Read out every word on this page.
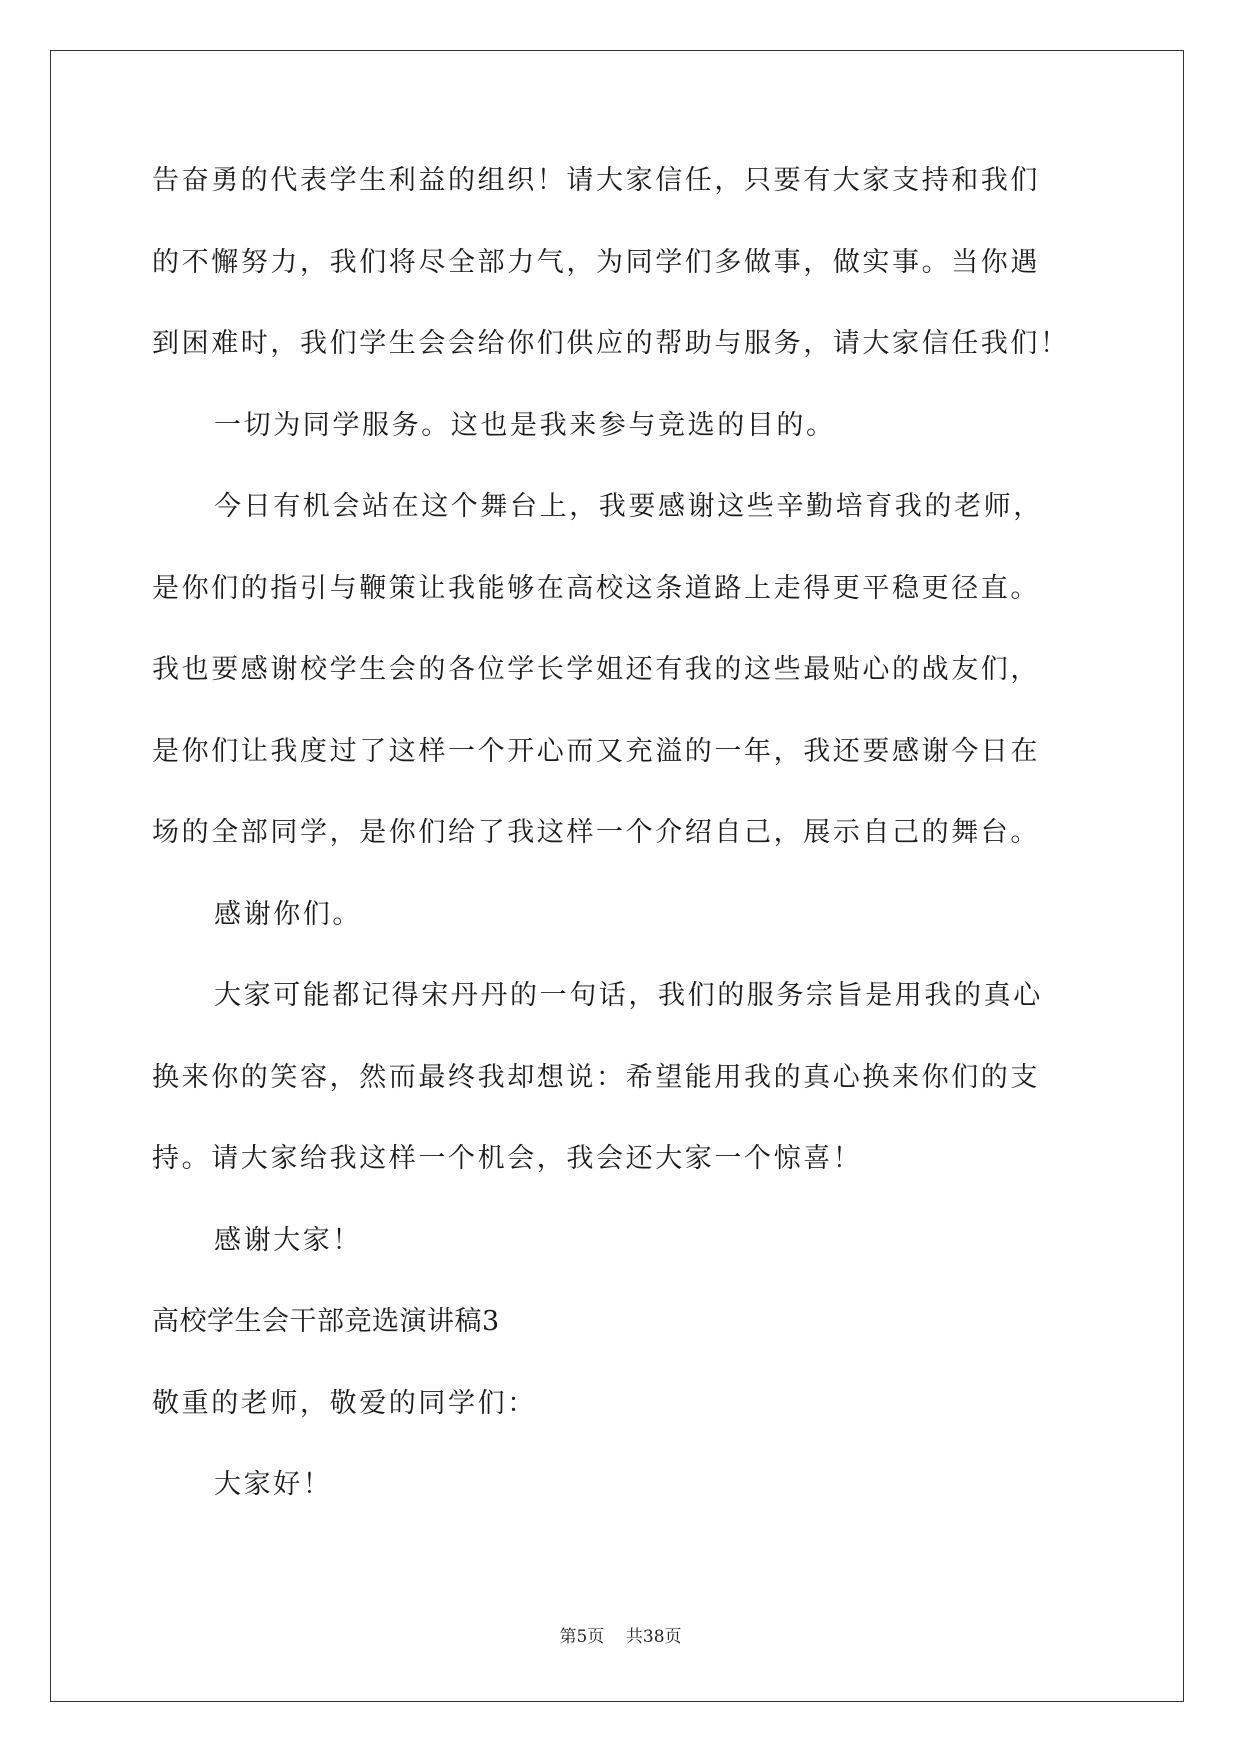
告奋勇的代表学生利益的组织！请大家信任，只要有大家支持和我们

的不懈努力，我们将尽全部力气，为同学们多做事，做实事。当你遇

到困难时，我们学生会会给你们供应的帮助与服务，请大家信任我们！

一切为同学服务。这也是我来参与竞选的目的。

今日有机会站在这个舞台上，我要感谢这些辛勤培育我的老师，

是你们的指引与鞭策让我能够在高校这条道路上走得更平稳更径直。

我也要感谢校学生会的各位学长学姐还有我的这些最贴心的战友们，

是你们让我度过了这样一个开心而又充溢的一年，我还要感谢今日在

场的全部同学，是你们给了我这样一个介绍自己，展示自己的舞台。

感谢你们。

大家可能都记得宋丹丹的一句话，我们的服务宗旨是用我的真心

换来你的笑容，然而最终我却想说：希望能用我的真心换来你们的支

持。请大家给我这样一个机会，我会还大家一个惊喜！

感谢大家！

高校学生会干部竞选演讲稿3

敬重的老师，敬爱的同学们：

大家好！

第5页 共38页
